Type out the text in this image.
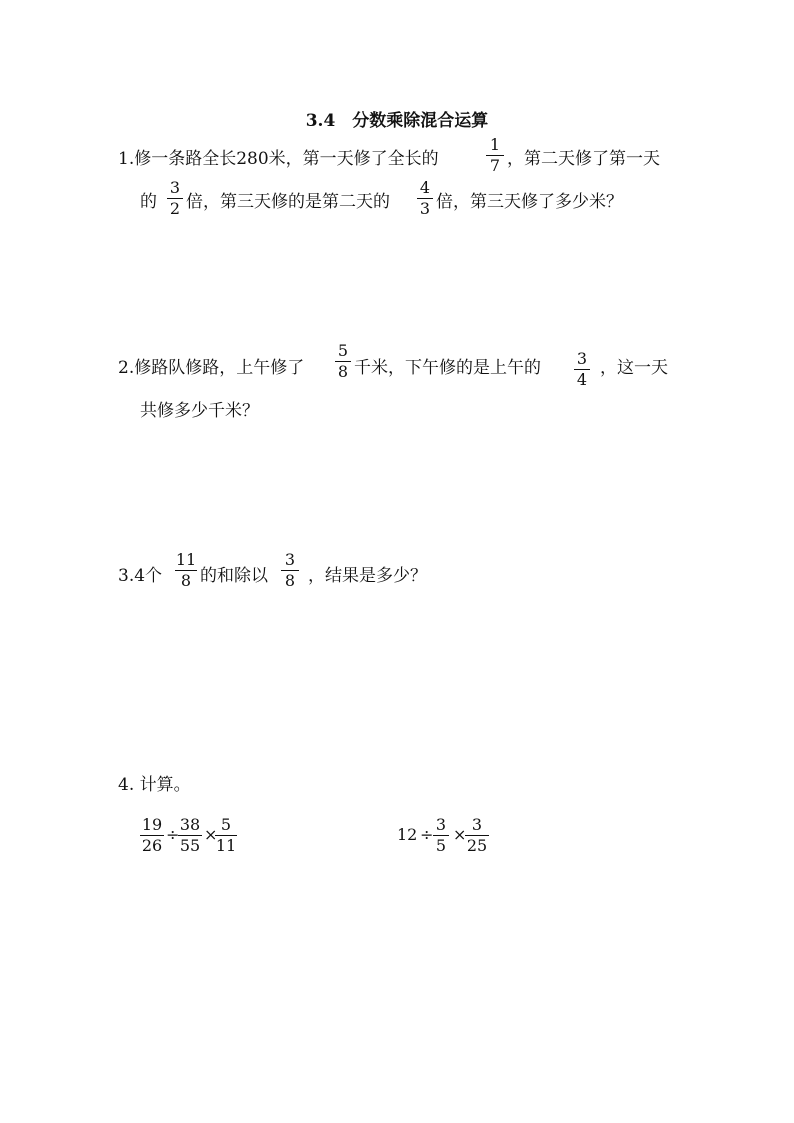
3.4　分数乘除混合运算
1.修一条路全长280米，第一天修了全长的
1
7 ，第二天修了第一天
的
3
2 倍，第三天修的是第二天的
4
3 倍，第三天修了多少米？
2.修路队修路，上午修了
5
8 千米，下午修的是上午的 3
4
，这一天
共修多少千米？
3.4个
11
8 的和除以
3
8 ，结果是多少？
4. 计算。
19
26
÷
38
55
×
5
11
12 ÷
3
5
×
3
25
